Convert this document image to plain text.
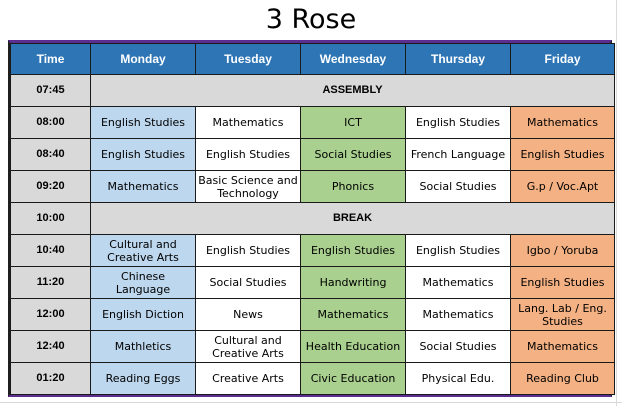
3 Rose
Time	Monday	Tuesday	Wednesday	Thursday	Friday
07:45	ASSEMBLY				
08:00	English Studies	Mathematics	ICT	English Studies	Mathematics
08:40	English Studies	English Studies	Social Studies	French Language	English Studies
09:20	Mathematics	Basic Science and Technology	Phonics	Social Studies	G.p / Voc.Apt
10:00	BREAK				
10:40	Cultural and Creative Arts	English Studies	English Studies	English Studies	Igbo / Yoruba
11:20	Chinese Language	Social Studies	Handwriting	Mathematics	English Studies
12:00	English Diction	News	Mathematics	Mathematics	Lang. Lab / Eng. Studies
12:40	Mathletics	Cultural and Creative Arts	Health Education	Social Studies	Mathematics
01:20	Reading Eggs	Creative Arts	Civic Education	Physical Edu.	Reading Club
